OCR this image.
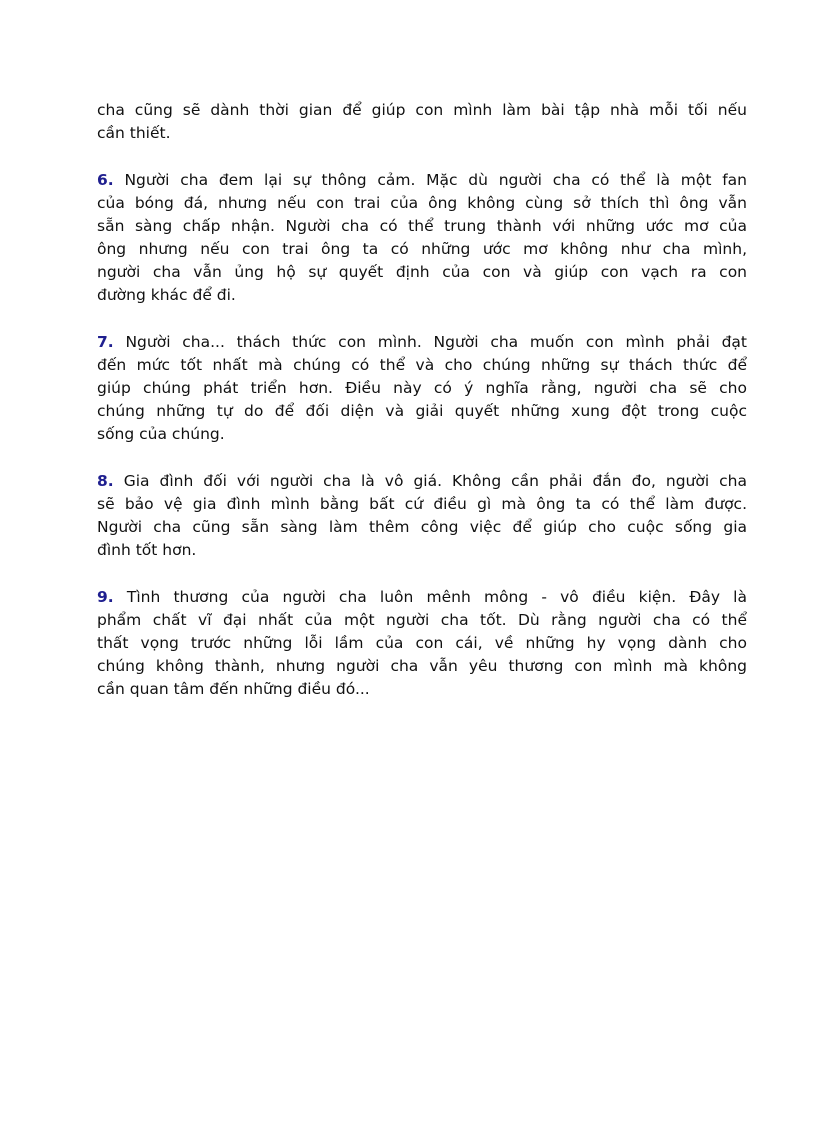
cha cũng sẽ dành thời gian để giúp con mình làm bài tập nhà mỗi tối nếu
cần thiết.
6. Người cha đem lại sự thông cảm. Mặc dù người cha có thể là một fan
của bóng đá, nhưng nếu con trai của ông không cùng sở thích thì ông vẫn
sẵn sàng chấp nhận. Người cha có thể trung thành với những ước mơ của
ông nhưng nếu con trai ông ta có những ước mơ không như cha mình,
người cha vẫn ủng hộ sự quyết định của con và giúp con vạch ra con
đường khác để đi.
7. Người cha... thách thức con mình. Người cha muốn con mình phải đạt
đến mức tốt nhất mà chúng có thể và cho chúng những sự thách thức để
giúp chúng phát triển hơn. Điều này có ý nghĩa rằng, người cha sẽ cho
chúng những tự do để đối diện và giải quyết những xung đột trong cuộc
sống của chúng.
8. Gia đình đối với người cha là vô giá. Không cần phải đắn đo, người cha
sẽ bảo vệ gia đình mình bằng bất cứ điều gì mà ông ta có thể làm được.
Người cha cũng sẵn sàng làm thêm công việc để giúp cho cuộc sống gia
đình tốt hơn.
9. Tình thương của người cha luôn mênh mông - vô điều kiện. Đây là
phẩm chất vĩ đại nhất của một người cha tốt. Dù rằng người cha có thể
thất vọng trước những lỗi lầm của con cái, về những hy vọng dành cho
chúng không thành, nhưng người cha vẫn yêu thương con mình mà không
cần quan tâm đến những điều đó...
